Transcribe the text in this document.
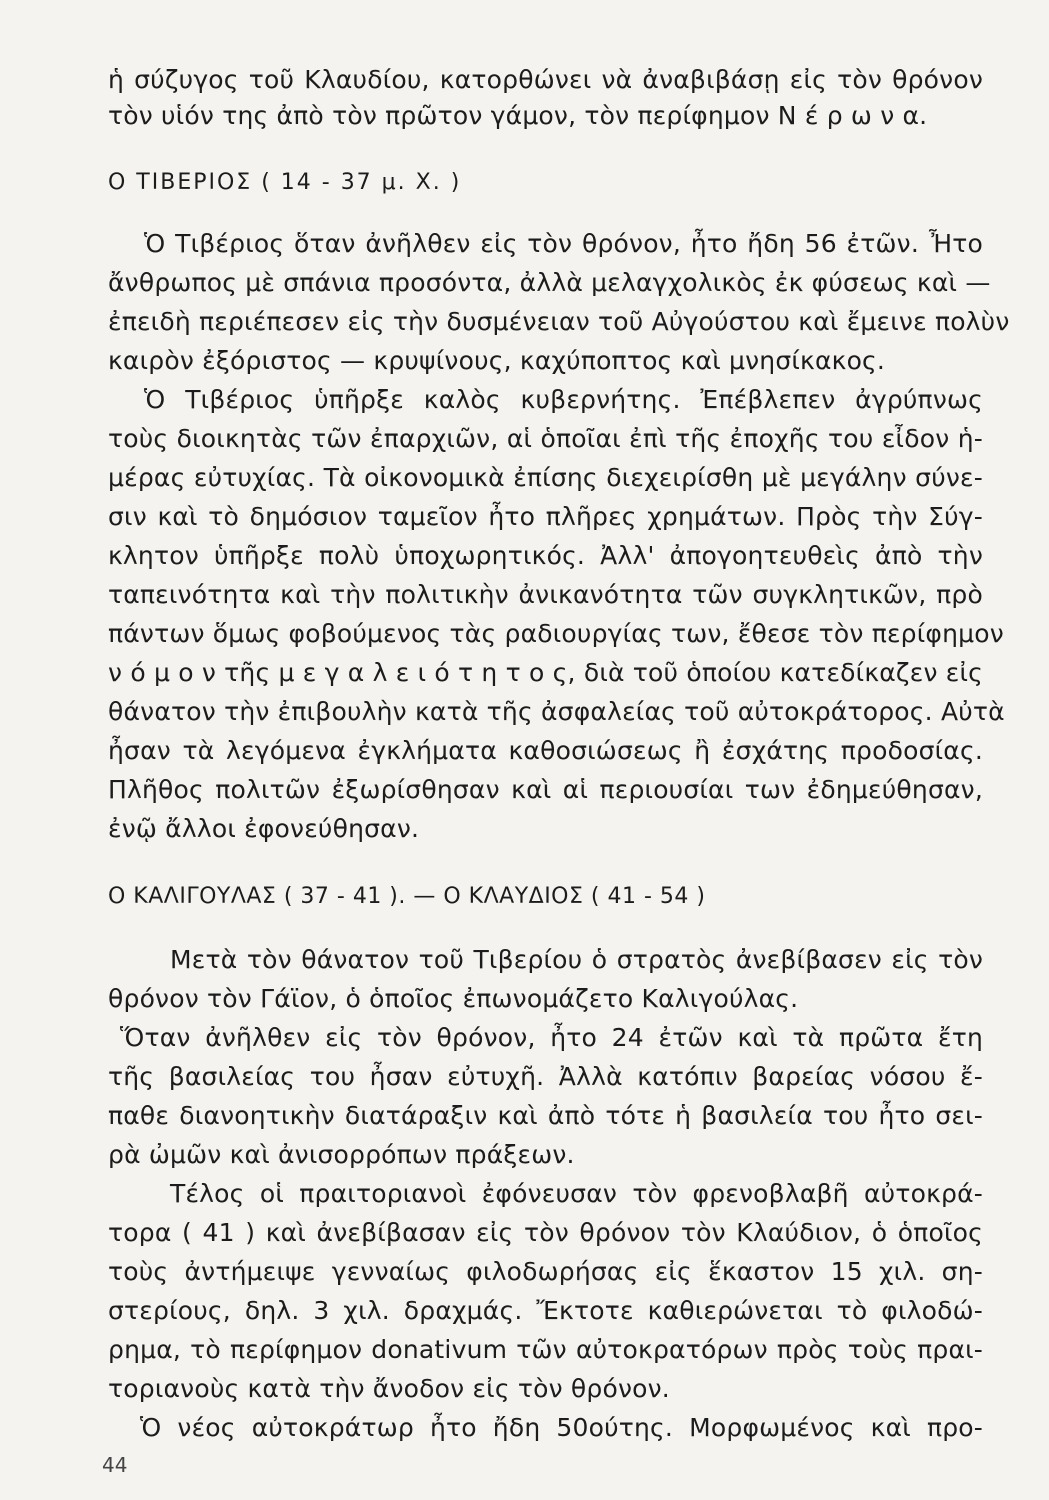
ἡ σύζυγος τοῦ Κλαυδίου, κατορθώνει νὰ ἀναβιβάσῃ εἰς τὸν θρόνον
τὸν υἱόν της ἀπὸ τὸν πρῶτον γάμον, τὸν περίφημον Ν έ ρ ω ν α.
Ο ΤΙΒΕΡΙΟΣ ( 14 - 37 μ. Χ. )
Ὁ Τιβέριος ὅταν ἀνῆλθεν εἰς τὸν θρόνον, ἦτο ἤδη 56 ἐτῶν. Ἦτο
ἄνθρωπος μὲ σπάνια προσόντα, ἀλλὰ μελαγχολικὸς ἐκ φύσεως καὶ —
ἐπειδὴ περιέπεσεν εἰς τὴν δυσμένειαν τοῦ Αὐγούστου καὶ ἔμεινε πολὺν
καιρὸν ἐξόριστος — κρυψίνους, καχύποπτος καὶ μνησίκακος.
Ὁ Τιβέριος ὑπῆρξε καλὸς κυβερνήτης. Ἐπέβλεπεν ἀγρύπνως
τοὺς διοικητὰς τῶν ἐπαρχιῶν, αἱ ὁποῖαι ἐπὶ τῆς ἐποχῆς του εἶδον ἡ-
μέρας εὐτυχίας. Τὰ οἰκονομικὰ ἐπίσης διεχειρίσθη μὲ μεγάλην σύνε-
σιν καὶ τὸ δημόσιον ταμεῖον ἦτο πλῆρες χρημάτων. Πρὸς τὴν Σύγ-
κλητον ὑπῆρξε πολὺ ὑποχωρητικός. Ἀλλ' ἀπογοητευθεὶς ἀπὸ τὴν
ταπεινότητα καὶ τὴν πολιτικὴν ἀνικανότητα τῶν συγκλητικῶν, πρὸ
πάντων ὅμως φοβούμενος τὰς ραδιουργίας των, ἔθεσε τὸν περίφημον
ν ό μ ο ν τῆς μ ε γ α λ ε ι ό τ η τ ο ς, διὰ τοῦ ὁποίου κατεδίκαζεν εἰς
θάνατον τὴν ἐπιβουλὴν κατὰ τῆς ἀσφαλείας τοῦ αὐτοκράτορος. Αὐτὰ
ἦσαν τὰ λεγόμενα ἐγκλήματα καθοσιώσεως ἢ ἐσχάτης προδοσίας.
Πλῆθος πολιτῶν ἐξωρίσθησαν καὶ αἱ περιουσίαι των ἐδημεύθησαν,
ἐνῷ ἄλλοι ἐφονεύθησαν.
Ο ΚΑΛΙΓΟΥΛΑΣ ( 37 - 41 ). — Ο ΚΛΑΥΔΙΟΣ ( 41 - 54 )
Μετὰ τὸν θάνατον τοῦ Τιβερίου ὁ στρατὸς ἀνεβίβασεν εἰς τὸν
θρόνον τὸν Γάϊον, ὁ ὁποῖος ἐπωνομάζετο Καλιγούλας.
Ὅταν ἀνῆλθεν εἰς τὸν θρόνον, ἦτο 24 ἐτῶν καὶ τὰ πρῶτα ἔτη
τῆς βασιλείας του ἦσαν εὐτυχῆ. Ἀλλὰ κατόπιν βαρείας νόσου ἔ-
παθε διανοητικὴν διατάραξιν καὶ ἀπὸ τότε ἡ βασιλεία του ἦτο σει-
ρὰ ὠμῶν καὶ ἀνισορρόπων πράξεων.
Τέλος οἱ πραιτοριανοὶ ἐφόνευσαν τὸν φρενοβλαβῆ αὐτοκρά-
τορα ( 41 ) καὶ ἀνεβίβασαν εἰς τὸν θρόνον τὸν Κλαύδιον, ὁ ὁποῖος
τοὺς ἀντήμειψε γενναίως φιλοδωρήσας εἰς ἕκαστον 15 χιλ. ση-
στερίους, δηλ. 3 χιλ. δραχμάς. Ἔκτοτε καθιερώνεται τὸ φιλοδώ-
ρημα, τὸ περίφημον donativum τῶν αὐτοκρατόρων πρὸς τοὺς πραι-
τοριανοὺς κατὰ τὴν ἄνοδον εἰς τὸν θρόνον.
Ὁ νέος αὐτοκράτωρ ἦτο ἤδη 50ούτης. Μορφωμένος καὶ προ-
44
